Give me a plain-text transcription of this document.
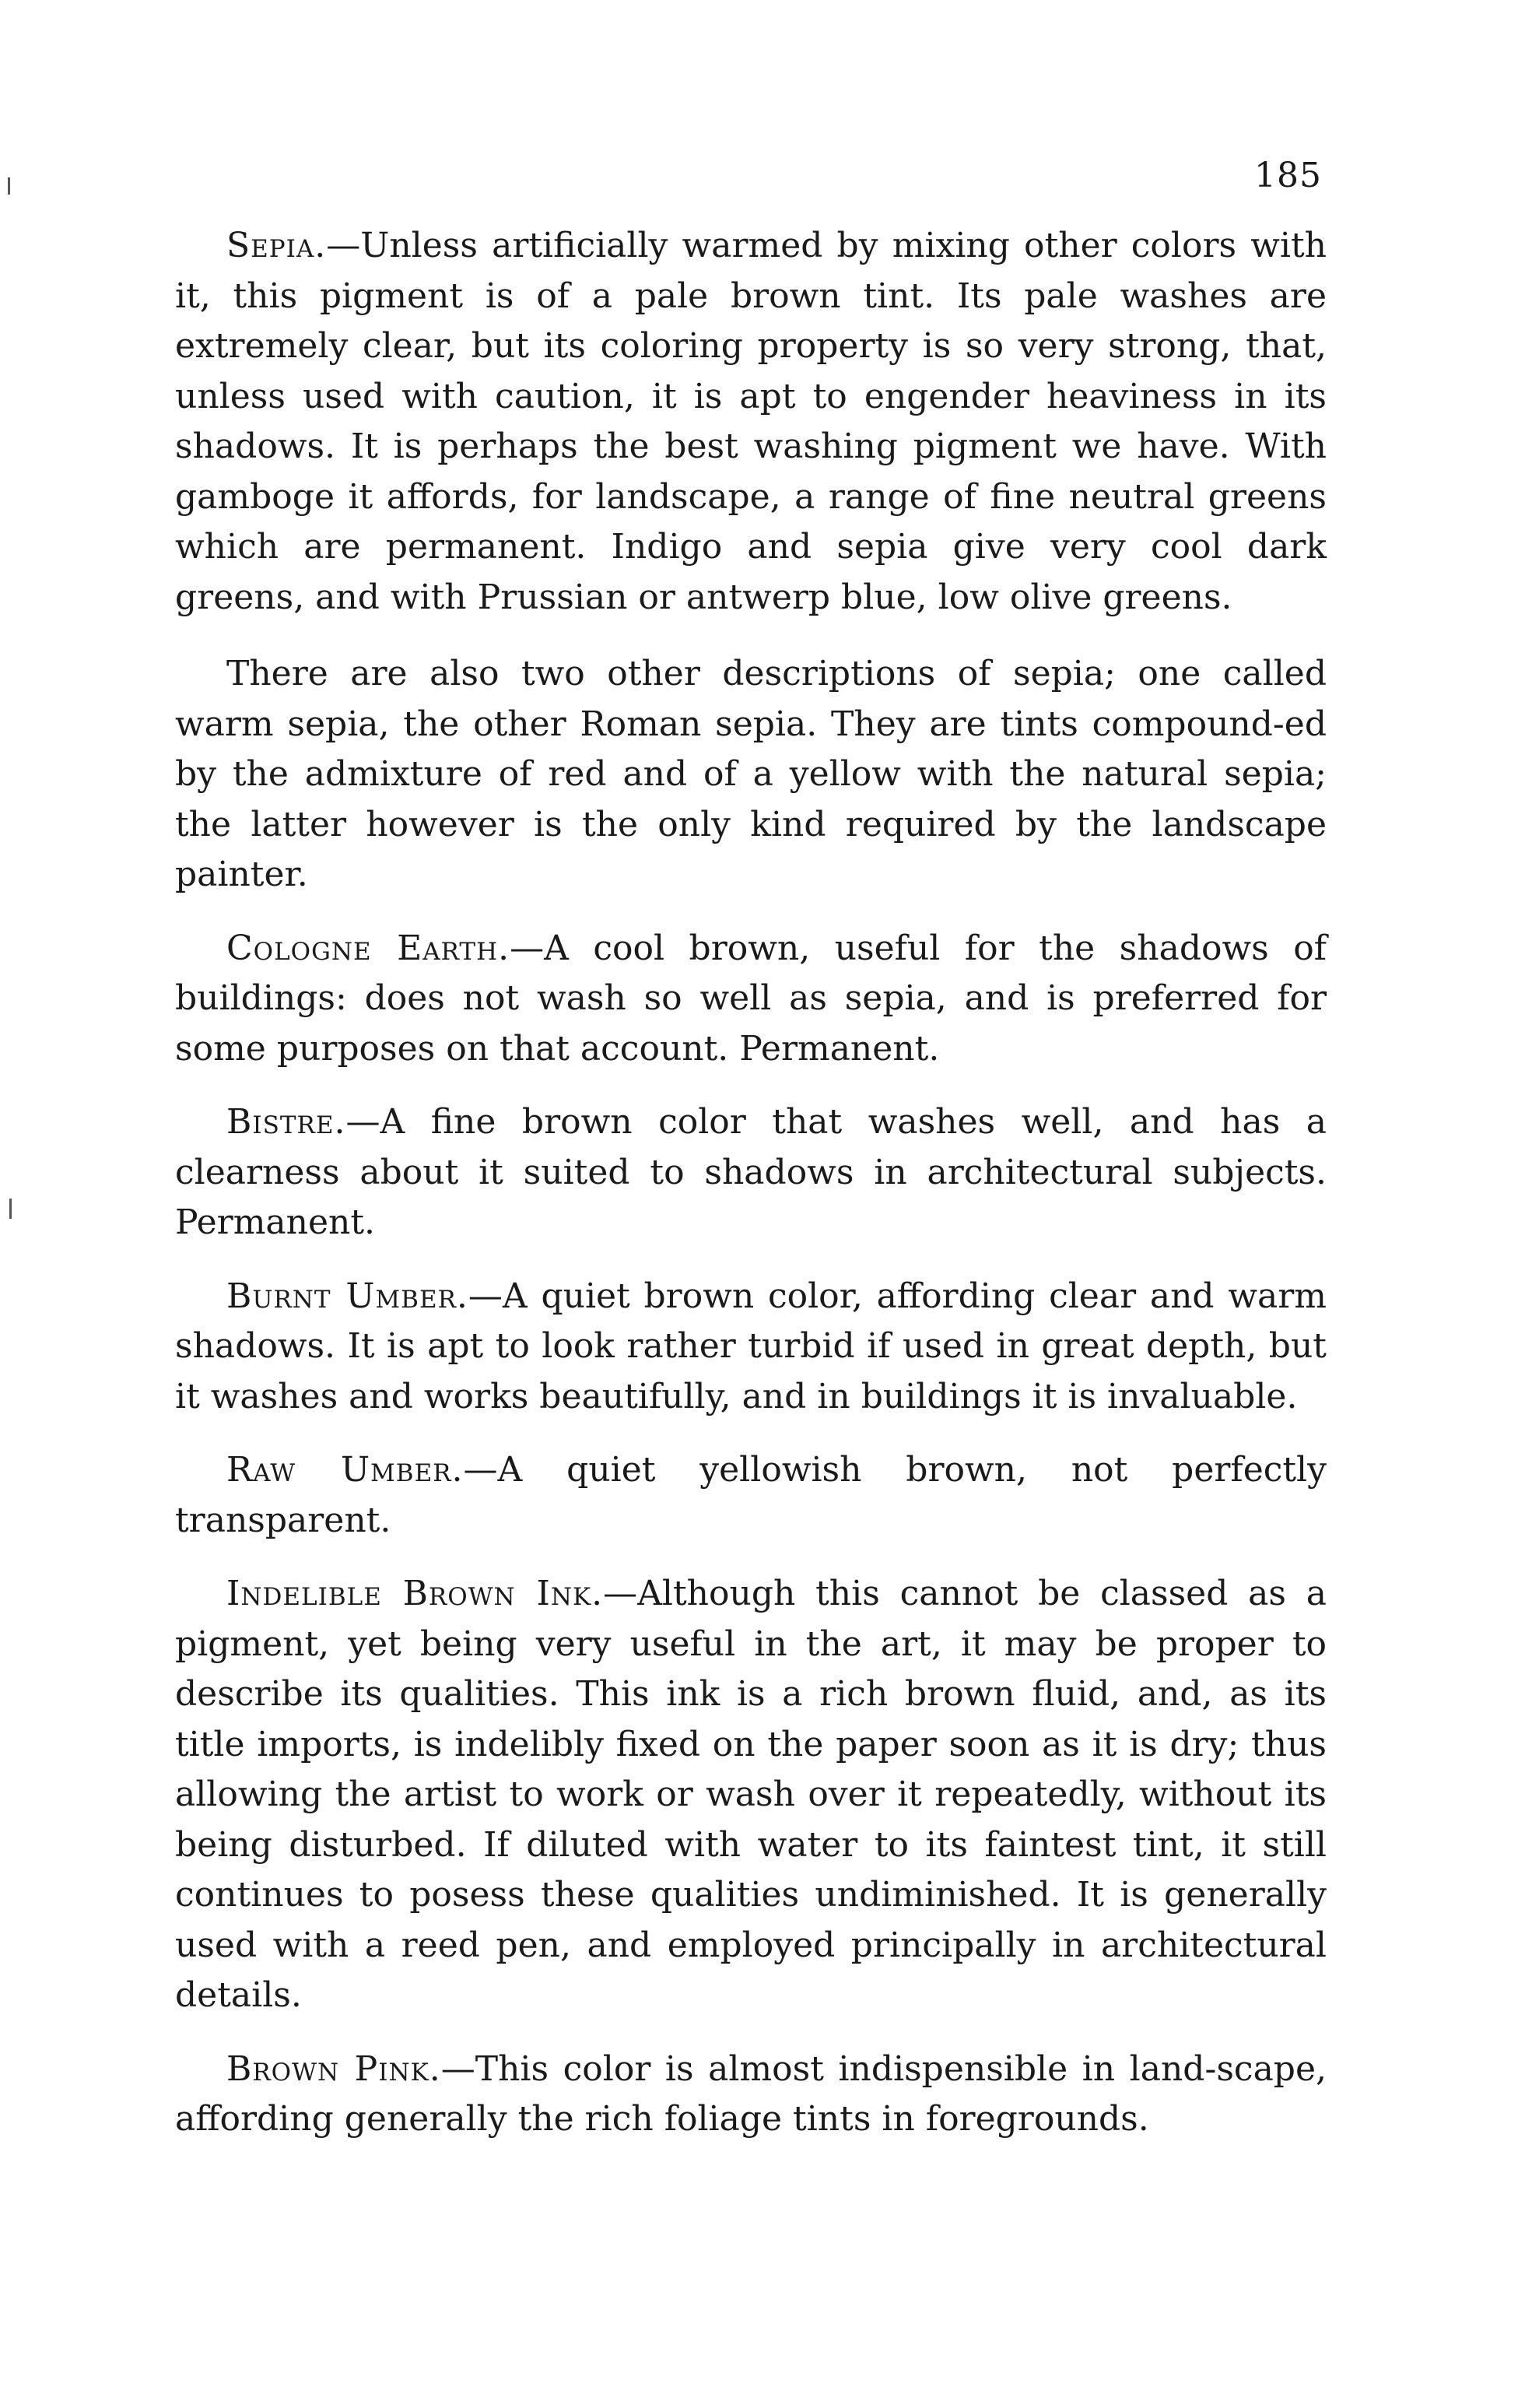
185

Sepia.—Unless artificially warmed by mixing other colors with it, this pigment is of a pale brown tint. Its pale washes are extremely clear, but its coloring property is so very strong, that, unless used with caution, it is apt to engender heaviness in its shadows. It is perhaps the best washing pigment we have. With gamboge it affords, for landscape, a range of fine neutral greens which are permanent. Indigo and sepia give very cool dark greens, and with Prussian or antwerp blue, low olive greens.

There are also two other descriptions of sepia; one called warm sepia, the other Roman sepia. They are tints compound-ed by the admixture of red and of a yellow with the natural sepia; the latter however is the only kind required by the landscape painter.

Cologne Earth.—A cool brown, useful for the shadows of buildings: does not wash so well as sepia, and is preferred for some purposes on that account. Permanent.

Bistre.—A fine brown color that washes well, and has a clearness about it suited to shadows in architectural subjects. Permanent.

Burnt Umber.—A quiet brown color, affording clear and warm shadows. It is apt to look rather turbid if used in great depth, but it washes and works beautifully, and in buildings it is invaluable.

Raw Umber.—A quiet yellowish brown, not perfectly transparent.

Indelible Brown Ink.—Although this cannot be classed as a pigment, yet being very useful in the art, it may be proper to describe its qualities. This ink is a rich brown fluid, and, as its title imports, is indelibly fixed on the paper soon as it is dry; thus allowing the artist to work or wash over it repeatedly, without its being disturbed. If diluted with water to its faintest tint, it still continues to posess these qualities undiminished. It is generally used with a reed pen, and employed principally in architectural details.

Brown Pink.—This color is almost indispensible in land-scape, affording generally the rich foliage tints in foregrounds.
